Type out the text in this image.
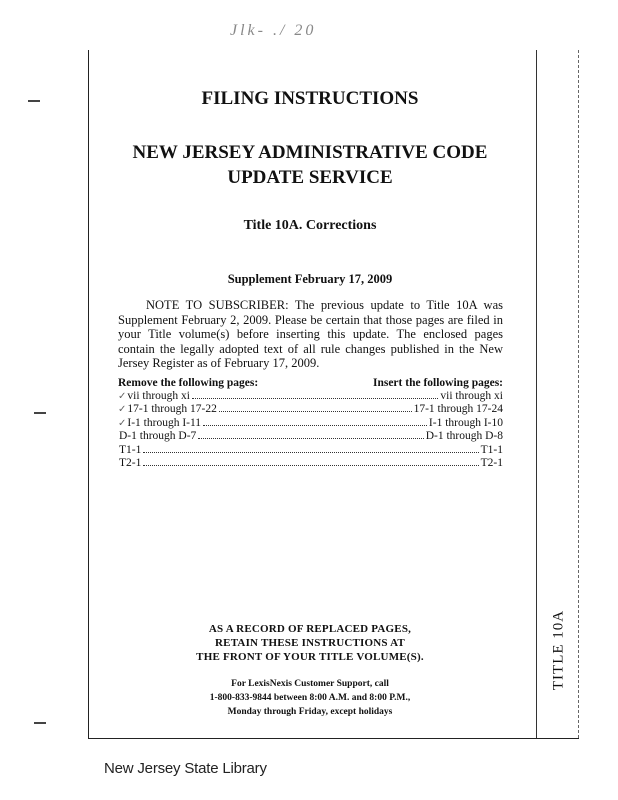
Jlk- ./ 20
FILING INSTRUCTIONS
NEW JERSEY ADMINISTRATIVE CODE
UPDATE SERVICE
Title 10A. Corrections
Supplement February 17, 2009
NOTE TO SUBSCRIBER: The previous update to Title 10A was Supplement February 2, 2009. Please be certain that those pages are filed in your Title volume(s) before inserting this update. The enclosed pages contain the legally adopted text of all rule changes published in the New Jersey Register as of February 17, 2009.
Remove the following pages:	Insert the following pages:
✓vii through xi	vii through xi
✓17-1 through 17-22	17-1 through 17-24
✓I-1 through I-11	I-1 through I-10
D-1 through D-7	D-1 through D-8
T1-1	T1-1
T2-1	T2-1
AS A RECORD OF REPLACED PAGES,
RETAIN THESE INSTRUCTIONS AT
THE FRONT OF YOUR TITLE VOLUME(S).
For LexisNexis Customer Support, call
1-800-833-9844 between 8:00 A.M. and 8:00 P.M.,
Monday through Friday, except holidays
TITLE 10A
New Jersey State Library
